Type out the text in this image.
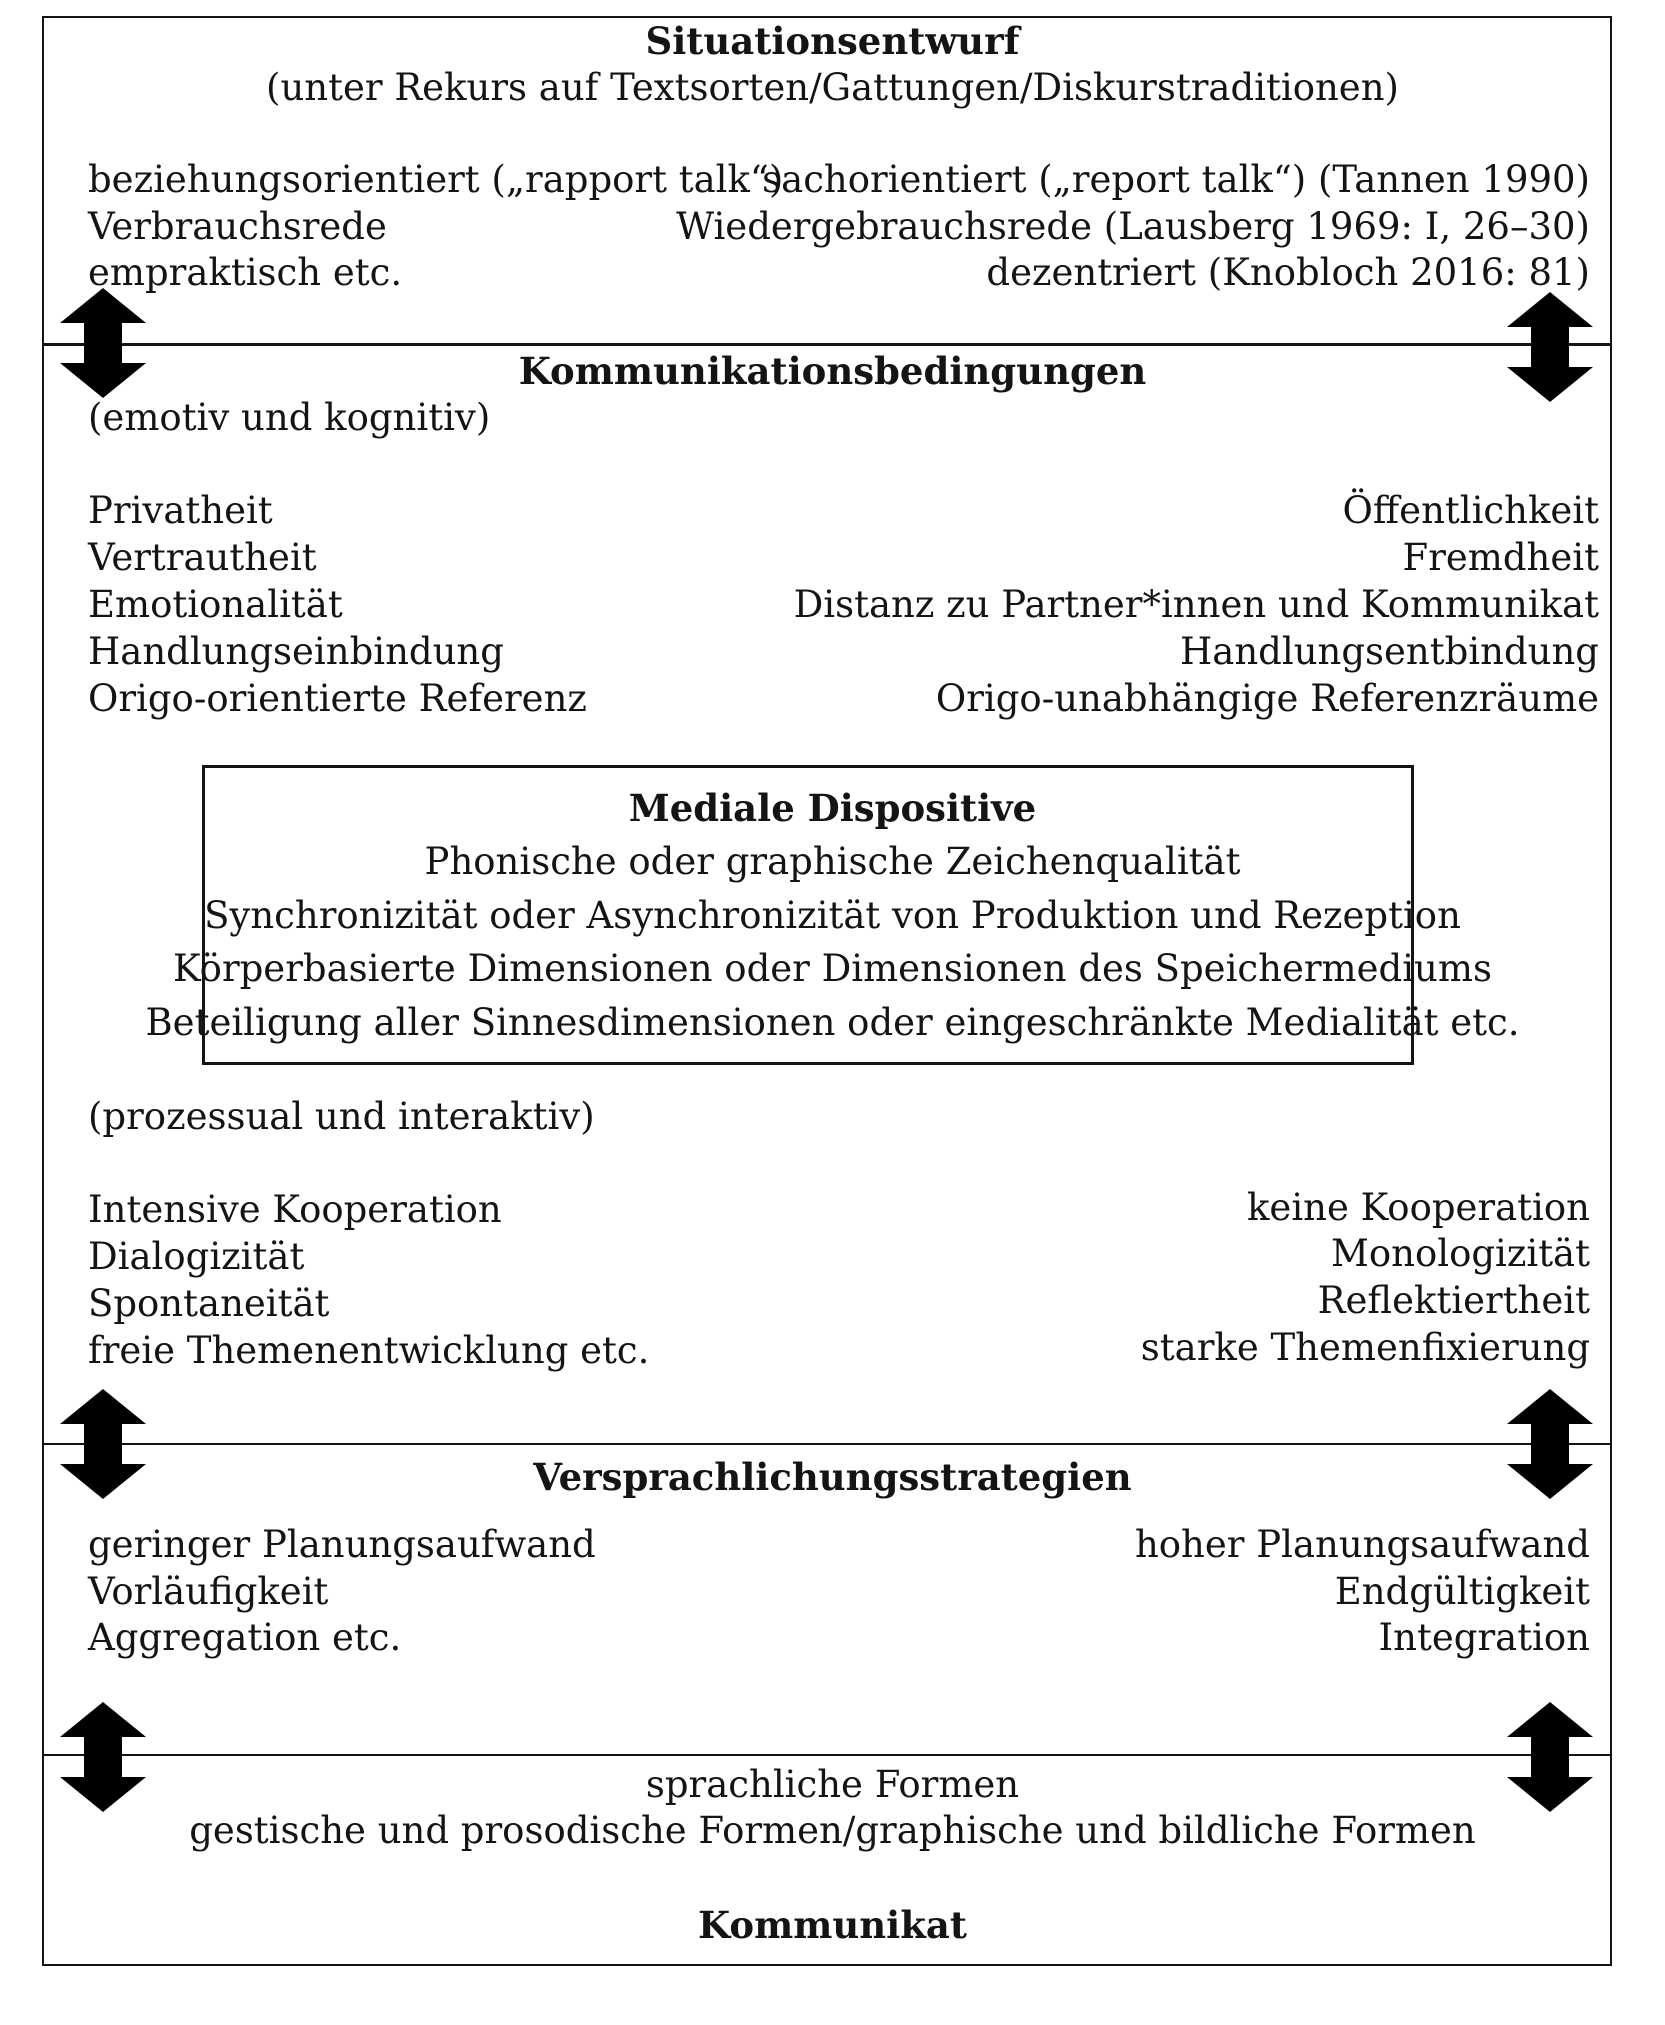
Situationsentwurf

(unter Rekurs auf Textsorten/Gattungen/Diskurstraditionen)

beziehungsorientiert („rapport talk“)

Verbrauchsrede

empraktisch etc.

sachorientiert („report talk“) (Tannen 1990)

Wiedergebrauchsrede (Lausberg 1969: I, 26–30)

dezentriert (Knobloch 2016: 81)

Kommunikationsbedingungen

(emotiv und kognitiv)

Privatheit

Vertrautheit

Emotionalität

Handlungseinbindung

Origo-orientierte Referenz

Öffentlichkeit

Fremdheit

Distanz zu Partner*innen und Kommunikat

Handlungsentbindung

Origo-unabhängige Referenzräume

Mediale Dispositive

Phonische oder graphische Zeichenqualität

Synchronizität oder Asynchronizität von Produktion und Rezeption

Körperbasierte Dimensionen oder Dimensionen des Speichermediums

Beteiligung aller Sinnesdimensionen oder eingeschränkte Medialität etc.

(prozessual und interaktiv)

Intensive Kooperation

Dialogizität

Spontaneität

freie Themenentwicklung etc.

keine Kooperation

Monologizität

Reflektiertheit

starke Themenfixierung

Versprachlichungsstrategien

geringer Planungsaufwand

Vorläufigkeit

Aggregation etc.

hoher Planungsaufwand

Endgültigkeit

Integration

sprachliche Formen

gestische und prosodische Formen/graphische und bildliche Formen

Kommunikat
